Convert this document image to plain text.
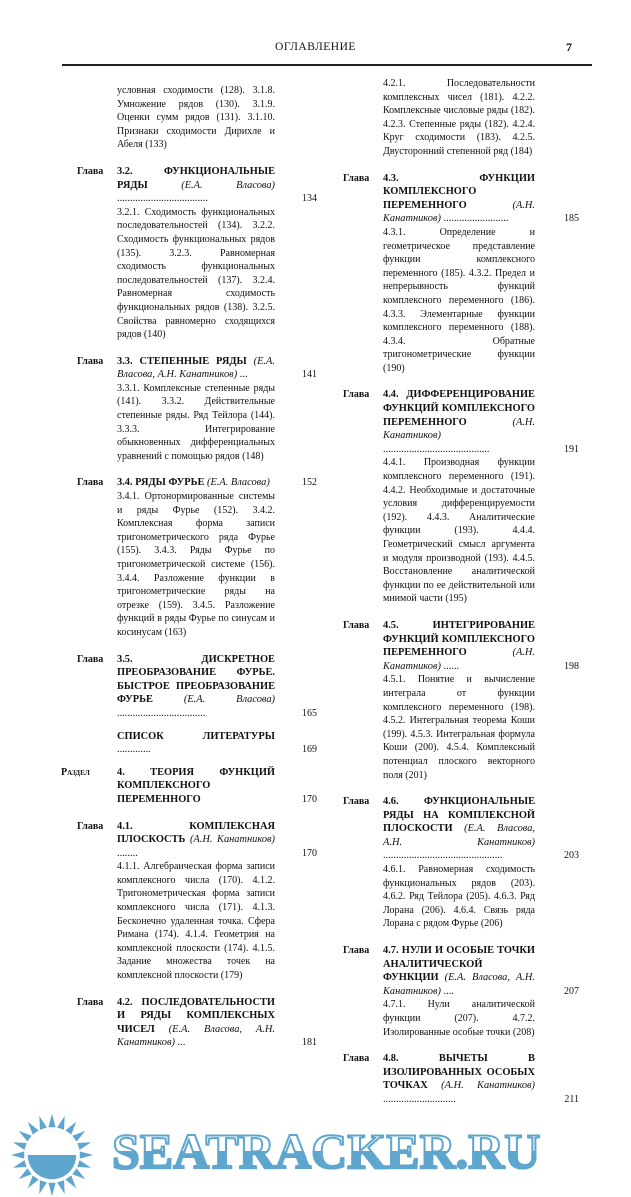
ОГЛАВЛЕНИЕ	7
условная сходимости (128). 3.1.8. Умножение рядов (130). 3.1.9. Оценки сумм рядов (131). 3.1.10. Признаки сходимости Дирихле и Абеля (133)
Глава 3.2. ФУНКЦИОНАЛЬНЫЕ РЯДЫ	(Е.А. Власова) ...................................	134
3.2.1. Сходимость функциональных последовательностей (134). 3.2.2. Сходимость функциональных рядов (135). 3.2.3. Равномерная сходимость функциональных последовательностей (137). 3.2.4. Равномерная сходимость функциональных рядов (138). 3.2.5. Свойства равномерно сходящихся рядов (140)
Глава 3.3. СТЕПЕННЫЕ РЯДЫ (Е.А. Власова, А.Н. Канатников) ...	141
3.3.1. Комплексные степенные ряды (141). 3.3.2. Действительные степенные ряды. Ряд Тейлора (144). 3.3.3. Интегрирование обыкновенных дифференциальных уравнений с помощью рядов (148)
Глава 3.4. РЯДЫ ФУРЬЕ (Е.А. Власова)	152
3.4.1. Ортонормированные системы и ряды Фурье (152). 3.4.2. Комплексная форма записи тригонометрического ряда Фурье (155). 3.4.3. Ряды Фурье по тригонометрической системе (156). 3.4.4. Разложение функции в тригонометрические ряды на отрезке (159). 3.4.5. Разложение функций в ряды Фурье по синусам и косинусам (163)
Глава 3.5. ДИСКРЕТНОЕ ПРЕОБРАЗОВАНИЕ ФУРЬЕ. БЫСТРОЕ ПРЕОБРАЗОВАНИЕ ФУРЬЕ	(Е.А. Власова) ..................................	165
СПИСОК ЛИТЕРАТУРЫ .............	169
Раздел	4. ТЕОРИЯ ФУНКЦИЙ КОМПЛЕКСНОГО ПЕРЕМЕННОГО	170
Глава 4.1. КОМПЛЕКСНАЯ ПЛОСКОСТЬ (А.Н. Канатников) ........	170
4.1.1. Алгебраическая форма записи комплексного числа (170). 4.1.2. Тригонометрическая форма записи комплексного числа (171). 4.1.3. Бесконечно удаленная точка. Сфера Римана (174). 4.1.4. Геометрия на комплексной плоскости (174). 4.1.5. Задание множества точек на комплексной плоскости (179)
Глава 4.2. ПОСЛЕДОВАТЕЛЬНОСТИ И РЯДЫ КОМПЛЕКСНЫХ ЧИСЕЛ (Е.А. Власова, А.Н. Канатников) ...	181
4.2.1. Последовательности комплексных чисел (181). 4.2.2. Комплексные числовые ряды (182). 4.2.3. Степенные ряды (182). 4.2.4. Круг сходимости (183). 4.2.5. Двусторонний степенной ряд (184)
Глава 4.3. ФУНКЦИИ КОМПЛЕКСНОГО ПЕРЕМЕННОГО	(А.Н. Канатников) .........................	185
4.3.1. Определение и геометрическое представление функции комплексного переменного (185). 4.3.2. Предел и непрерывность функций комплексного переменного (186). 4.3.3. Элементарные функции комплексного переменного (188). 4.3.4. Обратные тригонометрические функции (190)
Глава 4.4. ДИФФЕРЕНЦИРОВАНИЕ ФУНКЦИЙ КОМПЛЕКСНОГО ПЕРЕМЕННОГО	(А.Н. Канатников) .........................................	191
4.4.1. Производная функции комплексного переменного (191). 4.4.2. Необходимые и достаточные условия дифференцируемости (192). 4.4.3. Аналитические функции (193). 4.4.4. Геометрический смысл аргумента и модуля производной (193). 4.4.5. Восстановление аналитической функции по ее действительной или мнимой части (195)
Глава 4.5. ИНТЕГРИРОВАНИЕ ФУНКЦИЙ КОМПЛЕКСНОГО ПЕРЕМЕННОГО	(А.Н. Канатников) ......	198
4.5.1. Понятие и вычисление интеграла от функции комплексного переменного (198). 4.5.2. Интегральная теорема Коши (199). 4.5.3. Интегральная формула Коши (200). 4.5.4. Комплексный потенциал плоского векторного поля (201)
Глава 4.6. ФУНКЦИОНАЛЬНЫЕ РЯДЫ НА КОМПЛЕКСНОЙ ПЛОСКОСТИ (Е.А. Власова, А.Н. Канатников) ..............................................	203
4.6.1. Равномерная сходимость функциональных рядов (203). 4.6.2. Ряд Тейлора (205). 4.6.3. Ряд Лорана (206). 4.6.4. Связь ряда Лорана с рядом Фурье (206)
Глава 4.7. НУЛИ И ОСОБЫЕ ТОЧКИ АНАЛИТИЧЕСКОЙ ФУНКЦИИ (Е.А. Власова, А.Н. Канатников) ....	207
4.7.1. Нули аналитической функции (207). 4.7.2. Изолированные особые точки (208)
Глава 4.8. ВЫЧЕТЫ В ИЗОЛИРОВАННЫХ ОСОБЫХ ТОЧКАХ (А.Н. Канатников) ............................	211
SEATRACKER.RU
